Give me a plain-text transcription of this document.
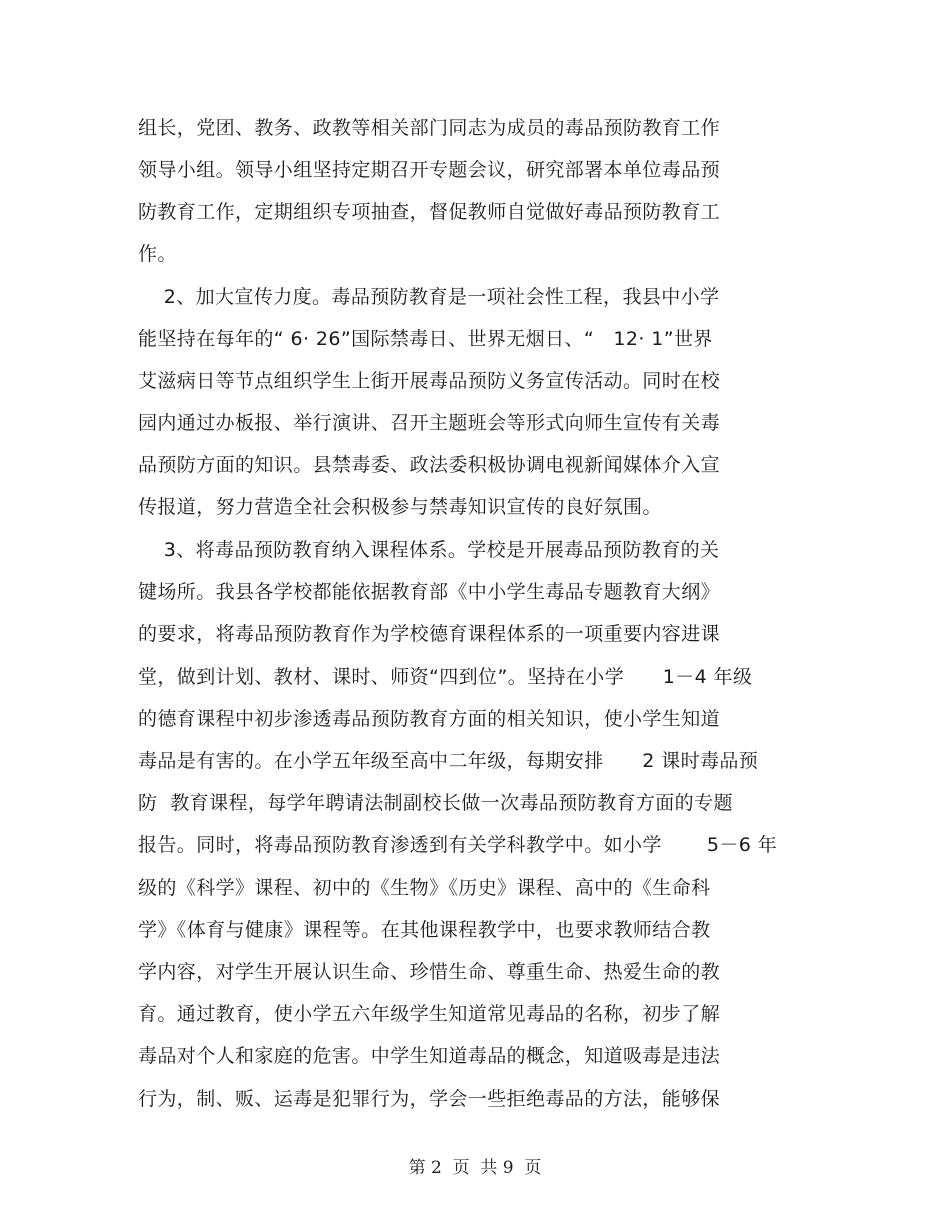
组长，党团、教务、政教等相关部门同志为成员的毒品预防教育工作
领导小组。领导小组坚持定期召开专题会议，研究部署本单位毒品预
防教育工作，定期组织专项抽查，督促教师自觉做好毒品预防教育工
作。
2、加大宣传力度。毒品预防教育是一项社会性工程，我县中小学
能坚持在每年的“ 6· 26”国际禁毒日、世界无烟日、“   12· 1”世界
艾滋病日等节点组织学生上街开展毒品预防义务宣传活动。同时在校
园内通过办板报、举行演讲、召开主题班会等形式向师生宣传有关毒
品预防方面的知识。县禁毒委、政法委积极协调电视新闻媒体介入宣
传报道，努力营造全社会积极参与禁毒知识宣传的良好氛围。
3、将毒品预防教育纳入课程体系。学校是开展毒品预防教育的关
键场所。我县各学校都能依据教育部《中小学生毒品专题教育大纲》
的要求，将毒品预防教育作为学校德育课程体系的一项重要内容进课
堂，做到计划、教材、课时、师资“四到位”。坚持在小学      1－4 年级
的德育课程中初步渗透毒品预防教育方面的相关知识，使小学生知道
毒品是有害的。在小学五年级至高中二年级，每期安排      2 课时毒品预
防  教育课程，每学年聘请法制副校长做一次毒品预防教育方面的专题
报告。同时，将毒品预防教育渗透到有关学科教学中。如小学       5－6 年
级的《科学》课程、初中的《生物》《历史》课程、高中的《生命科
学》《体育与健康》课程等。在其他课程教学中，也要求教师结合教
学内容，对学生开展认识生命、珍惜生命、尊重生命、热爱生命的教
育。通过教育，使小学五六年级学生知道常见毒品的名称，初步了解
毒品对个人和家庭的危害。中学生知道毒品的概念，知道吸毒是违法
行为，制、贩、运毒是犯罪行为，学会一些拒绝毒品的方法，能够保
第 2  页  共 9  页
